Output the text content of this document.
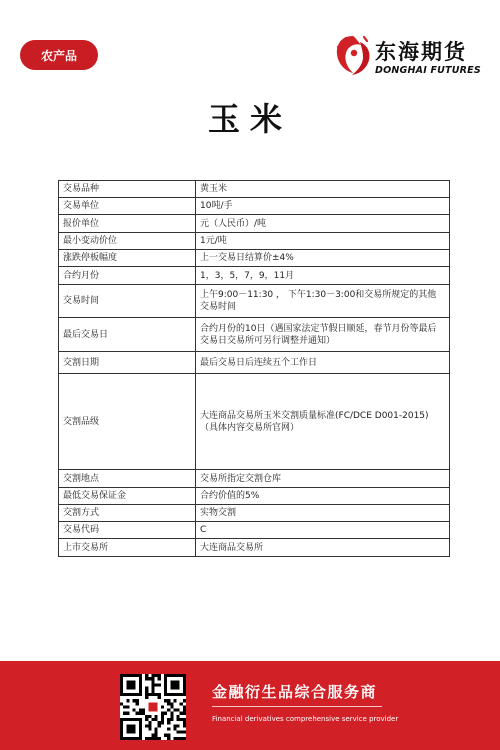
农产品	东海期货
DONGHAI FUTURES
玉米
交易品种	黄玉米
交易单位	10吨/手
报价单位	元（人民币）/吨
最小变动价位	1元/吨
涨跌停板幅度	上一交易日结算价±4%
合约月份	1，3，5，7，9，11月
交易时间	上午9:00－11:30 ， 下午1:30－3:00和交易所规定的其他交易时间
最后交易日	合约月份的10日（遇国家法定节假日顺延，春节月份等最后交易日交易所可另行调整并通知）
交割日期	最后交易日后连续五个工作日
交割品级	大连商品交易所玉米交割质量标准(FC/DCE D001-2015) （具体内容交易所官网）
交割地点	交易所指定交割仓库
最低交易保证金	合约价值的5%
交割方式	实物交割
交易代码	C
上市交易所	大连商品交易所
金融衍生品综合服务商
Financial derivatives comprehensive service provider
